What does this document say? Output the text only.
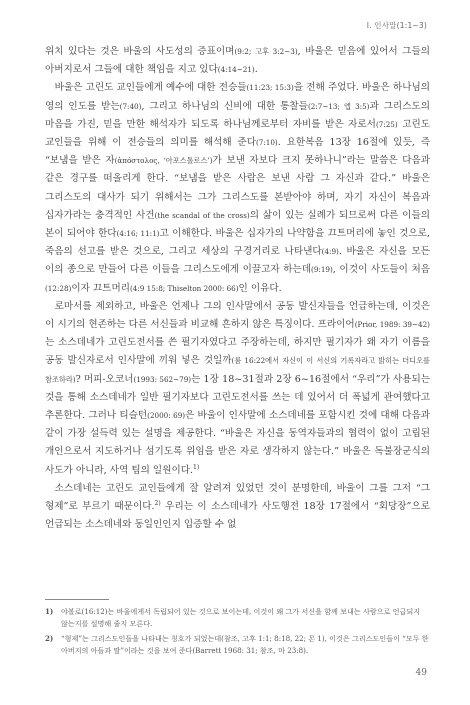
Ⅰ. 인사말(1:1~3)

위치 있다는 것은 바울의 사도성의 증표이며(9:2; 고후 3:2~3), 바울은 믿음에 있어서 그들의 아버지로서 그들에 대한 책임을 지고 있다(4:14~21).

바울은 고린도 교인들에게 예수에 대한 전승들(11:23; 15:3)을 전해 주었다. 바울은 하나님의 영의 인도를 받는(7:40), 그리고 하나님의 신비에 대한 통찰들(2:7~13; 엡 3:5)과 그리스도의 마음을 가진, 믿을 만한 해석자가 되도록 하나님께로부터 자비를 받은 자로서(7:25) 고린도 교인들을 위해 이 전승들의 의미를 해석해 준다(7:10). 요한복음 13장 16절에 있듯, 즉 “보냄을 받은 자(ἀπόστολος, ‘아포스톨로스’)가 보낸 자보다 크지 못하나니”라는 말씀은 다음과 같은 경구를 떠올리게 한다. “보냄을 받은 사람은 보낸 사람 그 자신과 같다.” 바울은 그리스도의 대사가 되기 위해서는 그가 그리스도를 본받아야 하며, 자기 자신이 복음과 십자가라는 충격적인 사건(the scandal of the cross)의 삶이 있는 실례가 되므로써 다른 이들의 본이 되어야 한다(4:16; 11:1)고 이해한다. 바울은 십자가의 나약함을 끄트머리에 놓인 것으로, 죽음의 선고를 받은 것으로, 그리고 세상의 구경거리로 나타낸다(4:9). 바울은 자신을 모든 이의 종으로 만들어 다른 이들을 그리스도에게 이끌고자 하는데(9:19), 이것이 사도들이 처음(12:28)이자 끄트머리(4:9 15:8; Thiselton 2000: 66)인 이유다.

로마서를 제외하고, 바울은 언제나 그의 인사말에서 공동 발신자들을 언급하는데, 이것은 이 시기의 현존하는 다른 서신들과 비교해 흔하지 않은 특징이다. 프라이어(Prior, 1989: 39~42)는 소스데네가 고린도전서를 쓴 필기자였다고 주장하는데, 하지만 필기자가 왜 자기 이름을 공동 발신자로서 인사말에 끼워 넣은 것일까(롬 16:22에서 자신이 이 서신의 기록자라고 밝히는 더디오를 참조하라)? 머피-오코너(1993: 562~79)는 1장 18~31절과 2장 6~16절에서 “우리”가 사용되는 것을 통해 소스데네가 일반 필기자보다 고린도전서를 쓰는 데 있어서 더 폭넓게 관여했다고 추론한다. 그러나 티슬턴(2000: 69)은 바울이 인사말에 소스데네를 포함시킨 것에 대해 다음과 같이 가장 설득력 있는 설명을 제공한다. “바울은 자신을 동역자들과의 협력이 없이 고립된 개인으로서 지도하거나 섬기도록 위임을 받은 자로 생각하지 않는다.” 바울은 독불장군식의 사도가 아니라, 사역 팀의 일원이다.$^{1)}$

소스데네는 고린도 교인들에게 잘 알려져 있었던 것이 분명한데, 바울이 그를 그저 “그 형제”로 부르기 때문이다.$^{2)}$ 우리는 이 소스데네가 사도행전 18장 17절에서 “회당장”으로 언급되는 소스데네와 동일인인지 입증할 수 없

1)	야볼로(16:12)는 바울에게서 독립되어 있는 것으로 보이는데, 이것이 왜 그가 서신을 함께 보내는 사람으로 언급되지 않는지를 설명해 줄지 모른다.
2)	“형제”는 그리스도인들을 나타내는 칭호가 되었는데(참조, 고후 1:1; 8:18, 22; 몬 1), 이것은 그리스도인들이 “모두 한 아버지의 아들과 딸”이라는 것을 보여 준다(Barrett 1968: 31; 참조, 마 23:8).
49
